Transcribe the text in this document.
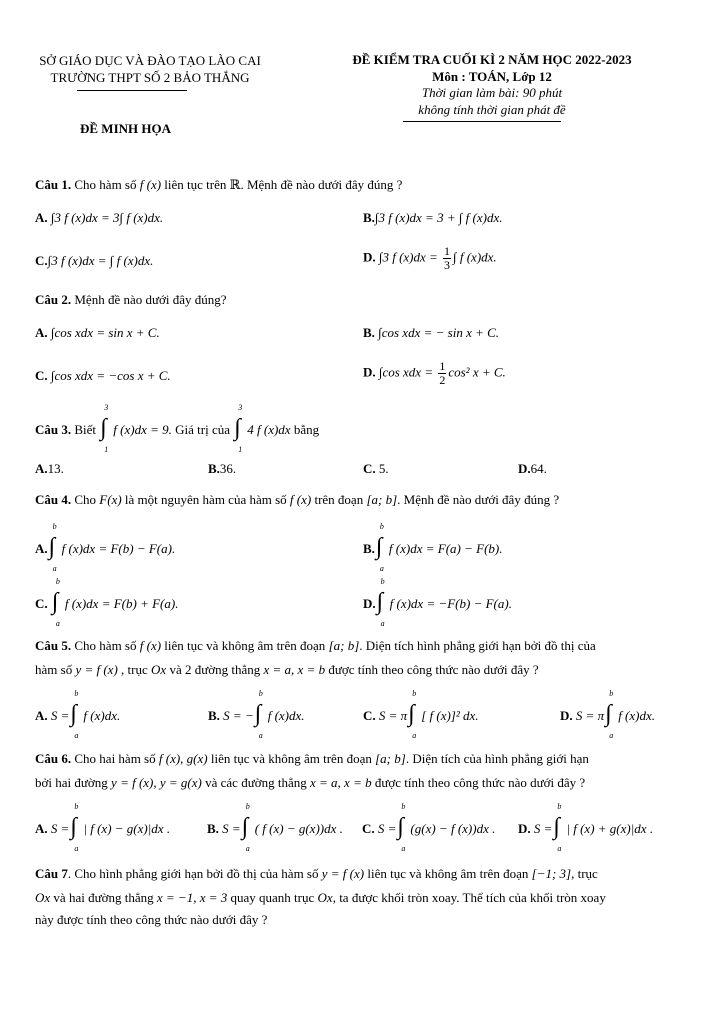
SỞ GIÁO DỤC VÀ ĐÀO TẠO LÀO CAI
TRƯỜNG THPT SỐ 2 BẢO THẮNG
ĐỀ KIỂM TRA CUỐI KÌ 2 NĂM HỌC 2022-2023
Môn : TOÁN, Lớp 12
Thời gian làm bài: 90 phút
không tính thời gian phát đề
ĐỀ MINH HỌA
Câu 1. Cho hàm số f (x) liên tục trên ℝ. Mệnh đề nào dưới đây đúng ?
A. ∫3 f (x)dx = 3∫ f (x)dx.	B.∫3 f (x)dx = 3 + ∫ f (x)dx.
C.∫3 f (x)dx = ∫ f (x)dx.	D. ∫3 f $(x)dx = \frac{1}{3}$ ∫ f (x)dx.
Câu 2. Mệnh đề nào dưới đây đúng?
A. ∫cos xdx = sin x + C.	B. ∫cos xdx = − sin x + C.
C. ∫cos xdx = −cos x + C.	D. ∫cos xdx = $\frac{1}{2} \cos^2$ x + C.
Câu 3. Biết ∫
3
1
f (x)dx = 9. Giá trị của ∫
3
1
4 f (x)dx bằng
A.13.	B.36.	C. 5.	D.64.
Câu 4. Cho F(x) là một nguyên hàm của hàm số f (x) trên đoạn [a; b]. Mệnh đề nào dưới đây đúng ?
A. ∫
b
a
f (x)dx = F(b) − F(a).	B. ∫
b
a
f (x)dx = F(a) − F(b).
C. ∫
b
a
f (x)dx = F(b) + F(a).	D. ∫
b
a
f (x)dx = −F(b) − F(a).
Câu 5. Cho hàm số f (x) liên tục và không âm trên đoạn [a; b]. Diện tích hình phẳng giới hạn bởi đồ thị của
hàm số y = f (x) , trục Ox và 2 đường thẳng x = a, x = b được tính theo công thức nào dưới đây ?
A. S = ∫
b
a
f (x)dx.	B. S = − ∫
b
a
f (x)dx.	C. S = π ∫
b
a
[ f (x)]² dx.	D. S = π ∫
b
a
f (x)dx.
Câu 6. Cho hai hàm số f (x), g(x) liên tục và không âm trên đoạn [a; b]. Diện tích của hình phẳng giới hạn
bởi hai đường y = f (x), y = g(x) và các đường thẳng x = a, x = b được tính theo công thức nào dưới đây ?
A. S = ∫
b
a
| f (x) − g(x)|dx .	B. S = ∫
b
a
( f (x) − g(x))dx . C. S = ∫
b
a
(g(x) − f (x))dx . D. S = ∫
b
a
| f (x) + g(x)|dx .
Câu 7. Cho hình phẳng giới hạn bởi đồ thị của hàm số y = f (x) liên tục và không âm trên đoạn [−1; 3], trục
Ox và hai đường thẳng x = −1, x = 3 quay quanh trục Ox, ta được khối tròn xoay. Thể tích của khối tròn xoay
này được tính theo công thức nào dưới đây ?
